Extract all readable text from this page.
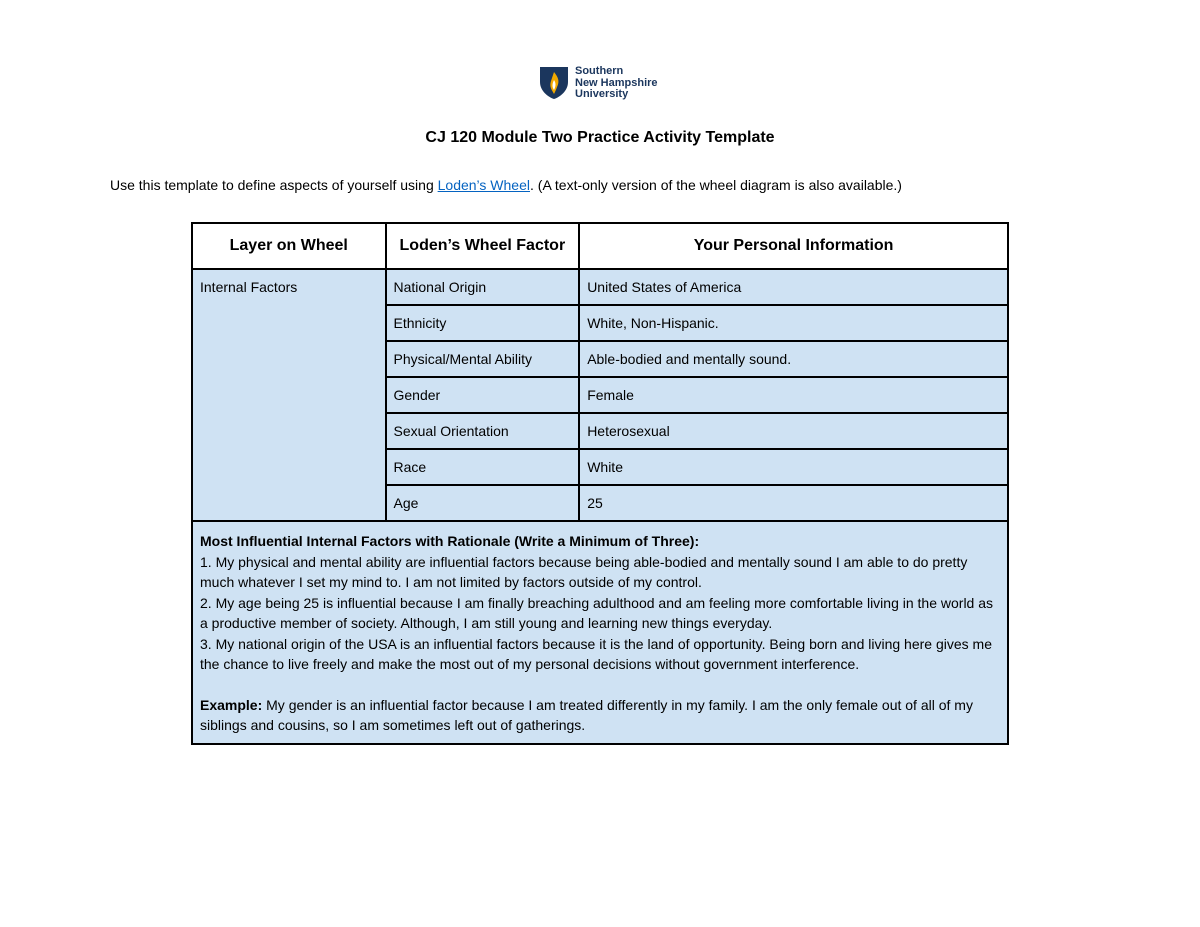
Southern
New Hampshire
University
CJ 120 Module Two Practice Activity Template
Use this template to define aspects of yourself using Loden’s Wheel. (A text-only version of the wheel diagram is also available.)
Layer on Wheel	Loden’s Wheel Factor	Your Personal Information
Internal Factors	National Origin	United States of America
	Ethnicity	White, Non-Hispanic.
	Physical/Mental Ability	Able-bodied and mentally sound.
	Gender	Female
	Sexual Orientation	Heterosexual
	Race	White
	Age	25

Most Influential Internal Factors with Rationale (Write a Minimum of Three):
1. My physical and mental ability are influential factors because being able-bodied and mentally sound I am able to do pretty much whatever I set my mind to. I am not limited by factors outside of my control.
2. My age being 25 is influential because I am finally breaching adulthood and am feeling more comfortable living in the world as a productive member of society. Although, I am still young and learning new things everyday.
3. My national origin of the USA is an influential factors because it is the land of opportunity. Being born and living here gives me the chance to live freely and make the most out of my personal decisions without government interference.
Example: My gender is an influential factor because I am treated differently in my family. I am the only female out of all of my siblings and cousins, so I am sometimes left out of gatherings.		
